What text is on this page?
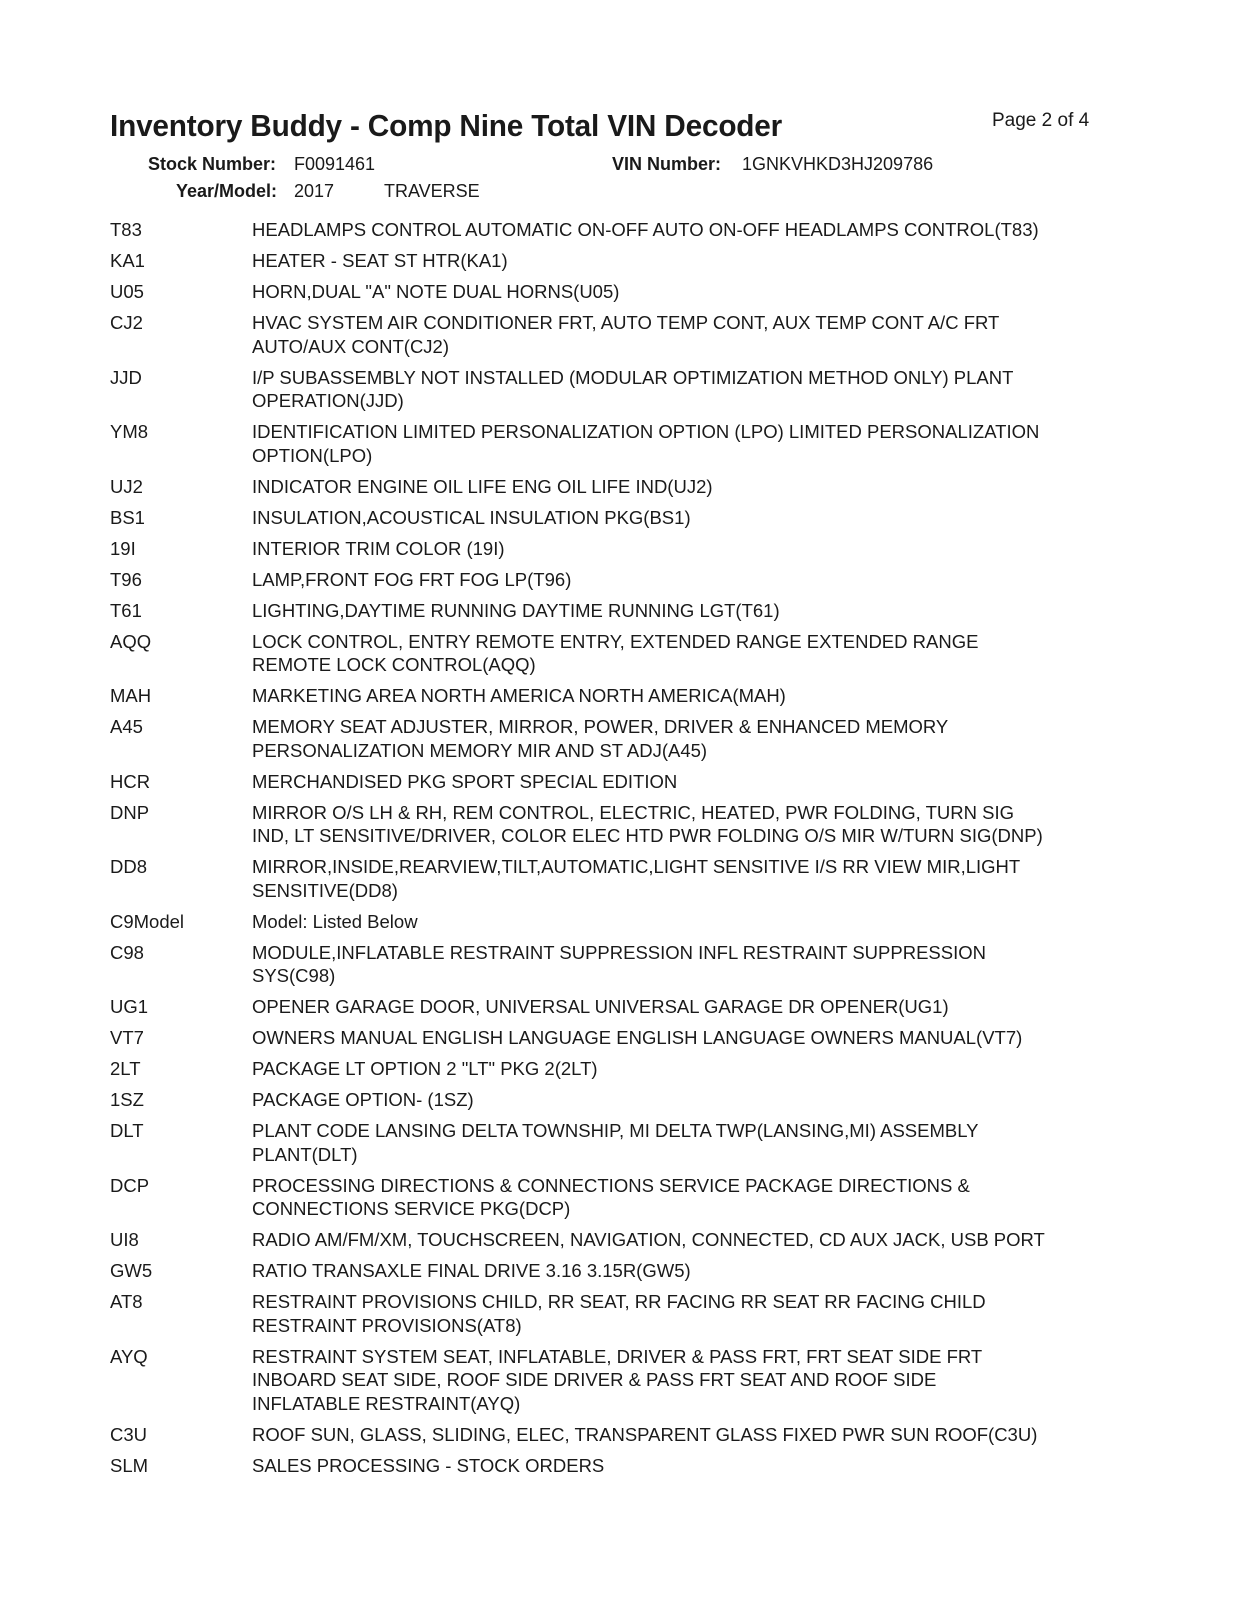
Inventory Buddy - Comp Nine Total VIN Decoder	Page 2 of 4
Stock Number: F0091461	VIN Number: 1GNKVHKD3HJ209786
Year/Model: 2017	TRAVERSE
T83	HEADLAMPS CONTROL AUTOMATIC ON-OFF AUTO ON-OFF HEADLAMPS CONTROL(T83)
KA1	HEATER - SEAT ST HTR(KA1)
U05	HORN,DUAL "A" NOTE DUAL HORNS(U05)
CJ2	HVAC SYSTEM AIR CONDITIONER FRT, AUTO TEMP CONT, AUX TEMP CONT A/C FRT
AUTO/AUX CONT(CJ2)
JJD	I/P SUBASSEMBLY NOT INSTALLED (MODULAR OPTIMIZATION METHOD ONLY) PLANT
OPERATION(JJD)
YM8	IDENTIFICATION LIMITED PERSONALIZATION OPTION (LPO) LIMITED PERSONALIZATION
OPTION(LPO)
UJ2	INDICATOR ENGINE OIL LIFE ENG OIL LIFE IND(UJ2)
BS1	INSULATION,ACOUSTICAL INSULATION PKG(BS1)
19I	INTERIOR TRIM COLOR (19I)
T96	LAMP,FRONT FOG FRT FOG LP(T96)
T61	LIGHTING,DAYTIME RUNNING DAYTIME RUNNING LGT(T61)
AQQ	LOCK CONTROL, ENTRY REMOTE ENTRY, EXTENDED RANGE EXTENDED RANGE
REMOTE LOCK CONTROL(AQQ)
MAH	MARKETING AREA NORTH AMERICA NORTH AMERICA(MAH)
A45	MEMORY SEAT ADJUSTER, MIRROR, POWER, DRIVER & ENHANCED MEMORY
PERSONALIZATION MEMORY MIR AND ST ADJ(A45)
HCR	MERCHANDISED PKG SPORT SPECIAL EDITION
DNP	MIRROR O/S LH & RH, REM CONTROL, ELECTRIC, HEATED, PWR FOLDING, TURN SIG
IND, LT SENSITIVE/DRIVER, COLOR ELEC HTD PWR FOLDING O/S MIR W/TURN SIG(DNP)
DD8	MIRROR,INSIDE,REARVIEW,TILT,AUTOMATIC,LIGHT SENSITIVE I/S RR VIEW MIR,LIGHT
SENSITIVE(DD8)
C9Model	Model: Listed Below
C98	MODULE,INFLATABLE RESTRAINT SUPPRESSION INFL RESTRAINT SUPPRESSION
SYS(C98)
UG1	OPENER GARAGE DOOR, UNIVERSAL UNIVERSAL GARAGE DR OPENER(UG1)
VT7	OWNERS MANUAL ENGLISH LANGUAGE ENGLISH LANGUAGE OWNERS MANUAL(VT7)
2LT	PACKAGE LT OPTION 2 "LT" PKG 2(2LT)
1SZ	PACKAGE OPTION- (1SZ)
DLT	PLANT CODE LANSING DELTA TOWNSHIP, MI DELTA TWP(LANSING,MI) ASSEMBLY
PLANT(DLT)
DCP	PROCESSING DIRECTIONS & CONNECTIONS SERVICE PACKAGE DIRECTIONS &
CONNECTIONS SERVICE PKG(DCP)
UI8	RADIO AM/FM/XM, TOUCHSCREEN, NAVIGATION, CONNECTED, CD AUX JACK, USB PORT
GW5	RATIO TRANSAXLE FINAL DRIVE 3.16 3.15R(GW5)
AT8	RESTRAINT PROVISIONS CHILD, RR SEAT, RR FACING RR SEAT RR FACING CHILD
RESTRAINT PROVISIONS(AT8)
AYQ	RESTRAINT SYSTEM SEAT, INFLATABLE, DRIVER & PASS FRT, FRT SEAT SIDE FRT
INBOARD SEAT SIDE, ROOF SIDE DRIVER & PASS FRT SEAT AND ROOF SIDE
INFLATABLE RESTRAINT(AYQ)
C3U	ROOF SUN, GLASS, SLIDING, ELEC, TRANSPARENT GLASS FIXED PWR SUN ROOF(C3U)
SLM	SALES PROCESSING - STOCK ORDERS
